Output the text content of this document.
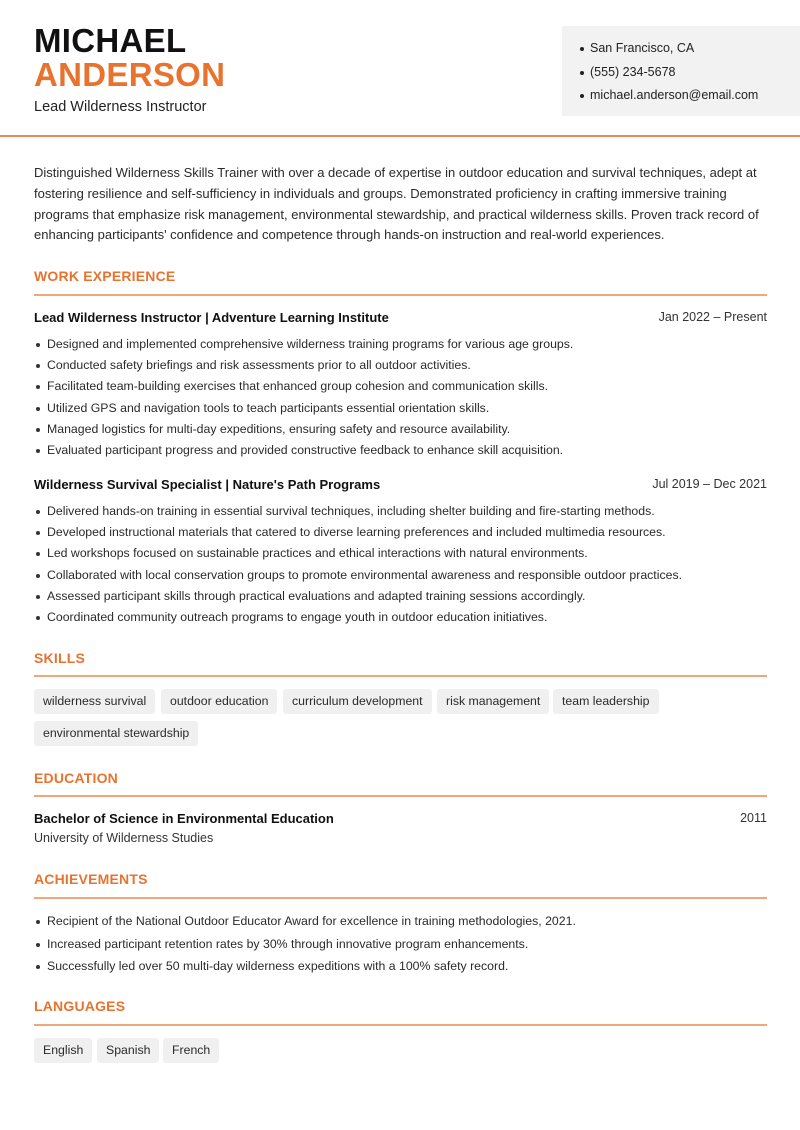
MICHAEL
ANDERSON
Lead Wilderness Instructor
San Francisco, CA
(555) 234-5678
michael.anderson@email.com

Distinguished Wilderness Skills Trainer with over a decade of expertise in outdoor education and survival techniques, adept at fostering resilience and self-sufficiency in individuals and groups. Demonstrated proficiency in crafting immersive training programs that emphasize risk management, environmental stewardship, and practical wilderness skills. Proven track record of enhancing participants' confidence and competence through hands-on instruction and real-world experiences.

WORK EXPERIENCE
Lead Wilderness Instructor | Adventure Learning Institute	Jan 2022 – Present
Designed and implemented comprehensive wilderness training programs for various age groups.
Conducted safety briefings and risk assessments prior to all outdoor activities.
Facilitated team-building exercises that enhanced group cohesion and communication skills.
Utilized GPS and navigation tools to teach participants essential orientation skills.
Managed logistics for multi-day expeditions, ensuring safety and resource availability.
Evaluated participant progress and provided constructive feedback to enhance skill acquisition.
Wilderness Survival Specialist | Nature's Path Programs	Jul 2019 – Dec 2021
Delivered hands-on training in essential survival techniques, including shelter building and fire-starting methods.
Developed instructional materials that catered to diverse learning preferences and included multimedia resources.
Led workshops focused on sustainable practices and ethical interactions with natural environments.
Collaborated with local conservation groups to promote environmental awareness and responsible outdoor practices.
Assessed participant skills through practical evaluations and adapted training sessions accordingly.
Coordinated community outreach programs to engage youth in outdoor education initiatives.
SKILLS
wilderness survival	outdoor education	curriculum development	risk management	team leadership
environmental stewardship
EDUCATION
Bachelor of Science in Environmental Education	2011
University of Wilderness Studies
ACHIEVEMENTS
Recipient of the National Outdoor Educator Award for excellence in training methodologies, 2021.
Increased participant retention rates by 30% through innovative program enhancements.
Successfully led over 50 multi-day wilderness expeditions with a 100% safety record.
LANGUAGES
English	Spanish	French
